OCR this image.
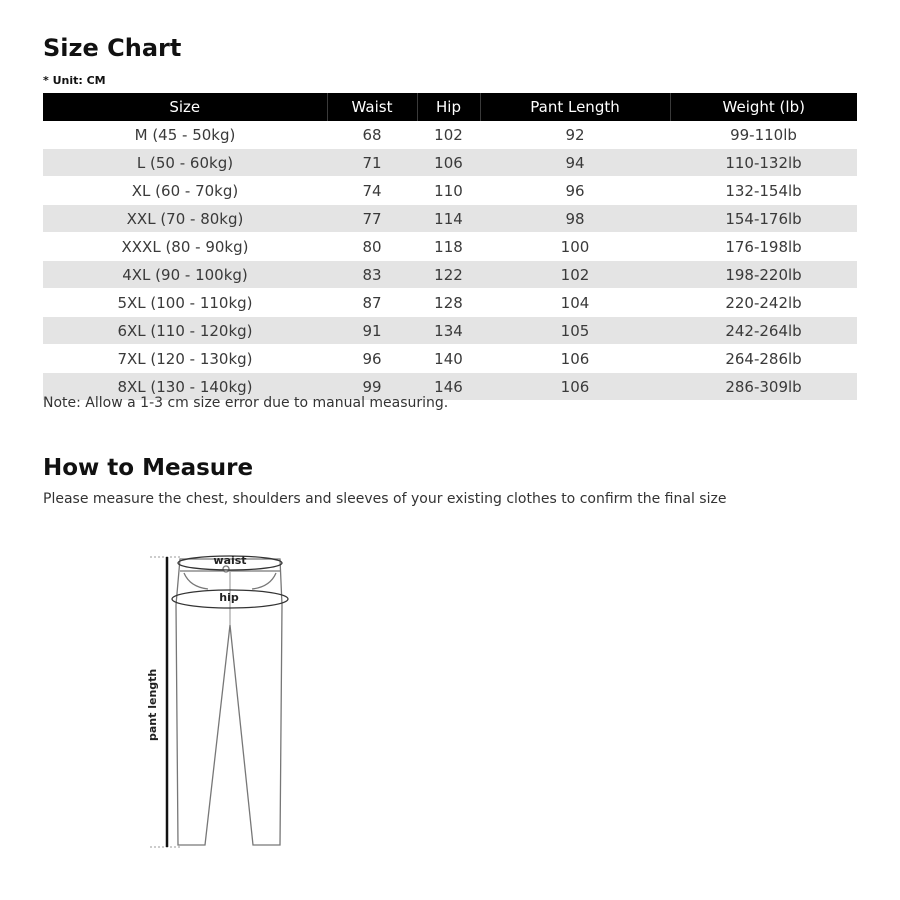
Size Chart
* Unit: CM
Size	Waist	Hip	Pant Length	Weight (lb)
M (45 - 50kg)	68	102	92	99-110lb
L (50 - 60kg)	71	106	94	110-132lb
XL (60 - 70kg)	74	110	96	132-154lb
XXL (70 - 80kg)	77	114	98	154-176lb
XXXL (80 - 90kg)	80	118	100	176-198lb
4XL (90 - 100kg)	83	122	102	198-220lb
5XL (100 - 110kg)	87	128	104	220-242lb
6XL (110 - 120kg)	91	134	105	242-264lb
7XL (120 - 130kg)	96	140	106	264-286lb
8XL (130 - 140kg)	99	146	106	286-309lb
Note: Allow a 1-3 cm size error due to manual measuring.
How to Measure
Please measure the chest, shoulders and sleeves of your existing clothes to confirm the final size
pant length
waist
hip
